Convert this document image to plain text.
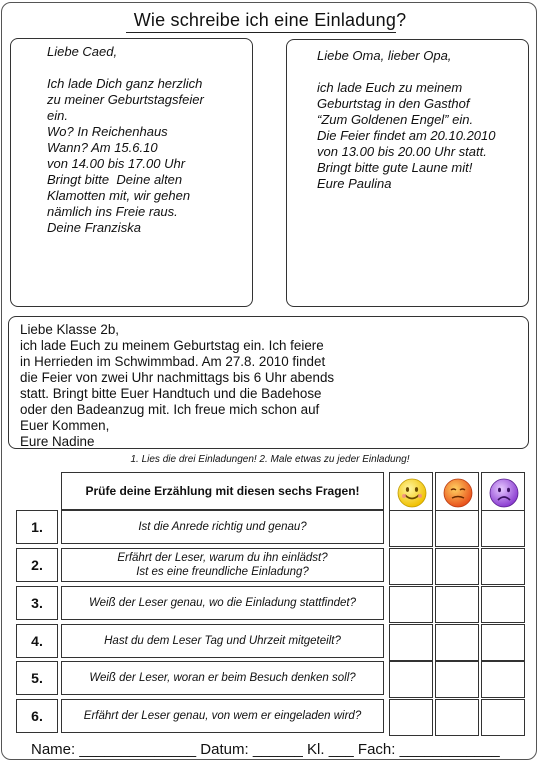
Wie schreibe ich eine Einladung?
Liebe Caed,
Ich lade Dich ganz herzlich
zu meiner Geburtstagsfeier
ein.
Wo? In Reichenhaus
Wann? Am 15.6.10
von 14.00 bis 17.00 Uhr
Bringt bitte  Deine alten
Klamotten mit, wir gehen
nämlich ins Freie raus.
Deine Franziska
Liebe Oma, lieber Opa,
ich lade Euch zu meinem
Geburtstag in den Gasthof
“Zum Goldenen Engel” ein.
Die Feier findet am 20.10.2010
von 13.00 bis 20.00 Uhr statt.
Bringt bitte gute Laune mit!
Eure Paulina
Liebe Klasse 2b,
ich lade Euch zu meinem Geburtstag ein. Ich feiere
in Herrieden im Schwimmbad. Am 27.8. 2010 findet
die Feier von zwei Uhr nachmittags bis 6 Uhr abends
statt. Bringt bitte Euer Handtuch und die Badehose
oder den Badeanzug mit. Ich freue mich schon auf
Euer Kommen,
Eure Nadine
1. Lies die drei Einladungen! 2. Male etwas zu jeder Einladung!
Prüfe deine Erzählung mit diesen sechs Fragen!
1.	Ist die Anrede richtig und genau?
2.	Erfährt der Leser, warum du ihn einlädst?
Ist es eine freundliche Einladung?
3.	Weiß der Leser genau, wo die Einladung stattfindet?
4.	Hast du dem Leser Tag und Uhrzeit mitgeteilt?
5.	Weiß der Leser, woran er beim Besuch denken soll?
6.	Erfährt der Leser genau, von wem er eingeladen wird?
Name: ______________ Datum: ______ Kl. ___ Fach: ____________
